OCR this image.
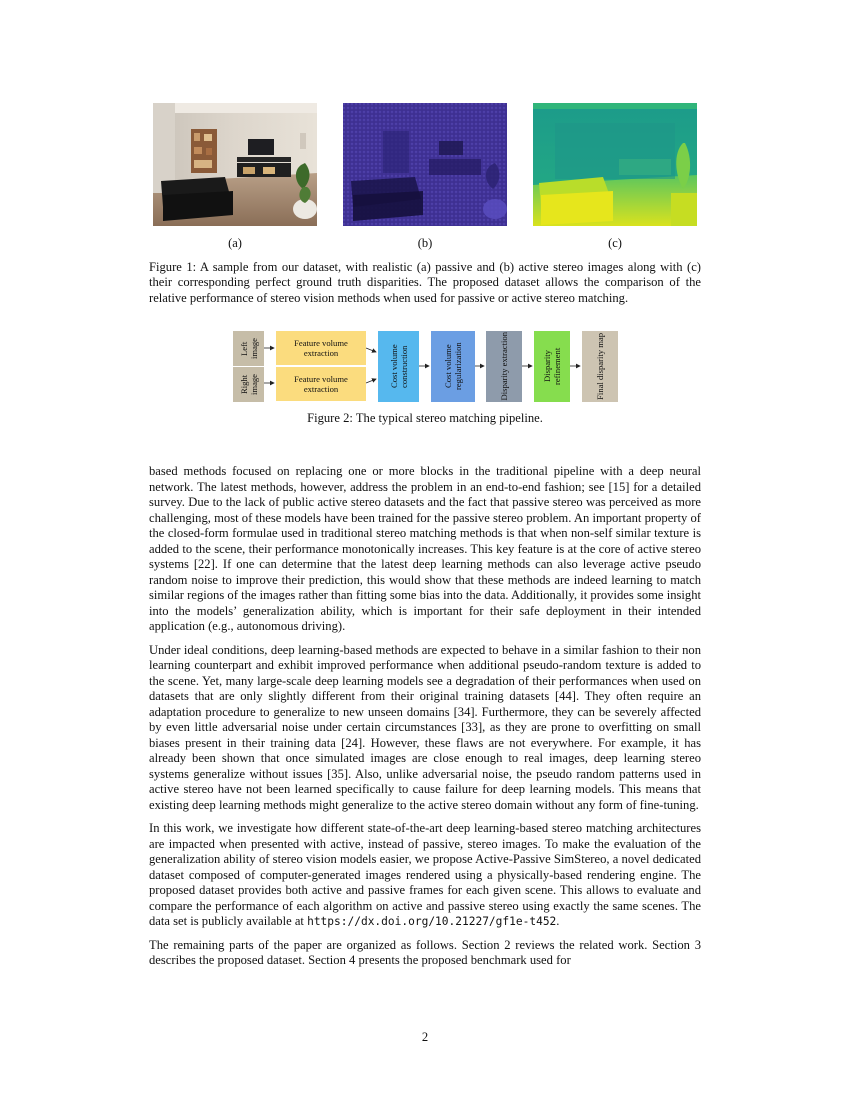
(a)	(b)	(c)
Figure 1: A sample from our dataset, with realistic (a) passive and (b) active stereo images along with (c) their corresponding perfect ground truth disparities. The proposed dataset allows the comparison of the relative performance of stereo vision methods when used for passive or active stereo matching.
Left image
Right image
Feature volume extraction
Feature volume extraction
Cost volume construction	Cost volume regularization	Disparity extraction	Disparity refinement	Final disparity map
Figure 2: The typical stereo matching pipeline.

based methods focused on replacing one or more blocks in the traditional pipeline with a deep neural network. The latest methods, however, address the problem in an end-to-end fashion; see [15] for a detailed survey. Due to the lack of public active stereo datasets and the fact that passive stereo was perceived as more challenging, most of these models have been trained for the passive stereo problem. An important property of the closed-form formulae used in traditional stereo matching methods is that when non-self similar texture is added to the scene, their performance monotonically increases. This key feature is at the core of active stereo systems [22]. If one can determine that the latest deep learning methods can also leverage active pseudo random noise to improve their prediction, this would show that these methods are indeed learning to match similar regions of the images rather than fitting some bias into the data. Additionally, it provides some insight into the models’ generalization ability, which is important for their safe deployment in their intended application (e.g., autonomous driving).

Under ideal conditions, deep learning-based methods are expected to behave in a similar fashion to their non learning counterpart and exhibit improved performance when additional pseudo-random texture is added to the scene. Yet, many large-scale deep learning models see a degradation of their performances when used on datasets that are only slightly different from their original training datasets [44]. They often require an adaptation procedure to generalize to new unseen domains [34]. Furthermore, they can be severely affected by even little adversarial noise under certain circumstances [33], as they are prone to overfitting on small biases present in their training data [24]. However, these flaws are not everywhere. For example, it has already been shown that once simulated images are close enough to real images, deep learning stereo systems generalize without issues [35]. Also, unlike adversarial noise, the pseudo random patterns used in active stereo have not been learned specifically to cause failure for deep learning models. This means that existing deep learning methods might generalize to the active stereo domain without any form of fine-tuning.

In this work, we investigate how different state-of-the-art deep learning-based stereo matching architectures are impacted when presented with active, instead of passive, stereo images. To make the evaluation of the generalization ability of stereo vision models easier, we propose Active-Passive SimStereo, a novel dedicated dataset composed of computer-generated images rendered using a physically-based rendering engine. The proposed dataset provides both active and passive frames for each given scene. This allows to evaluate and compare the performance of each algorithm on active and passive stereo using exactly the same scenes. The data set is publicly available at https://dx.doi.org/10.21227/gf1e-t452.

The remaining parts of the paper are organized as follows. Section 2 reviews the related work. Section 3 describes the proposed dataset. Section 4 presents the proposed benchmark used for

2
